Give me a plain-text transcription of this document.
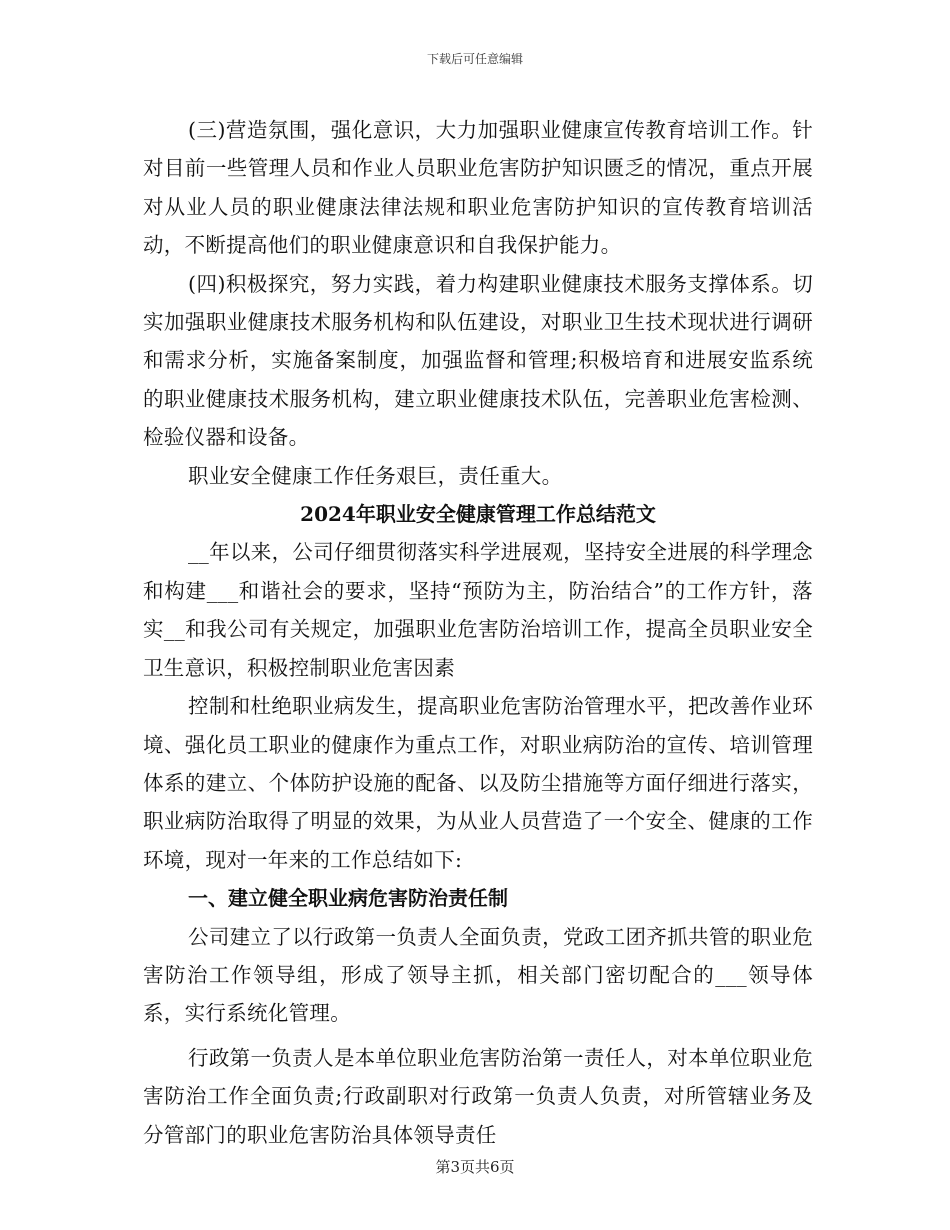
下载后可任意编辑

(三)营造氛围，强化意识，大力加强职业健康宣传教育培训工作。针对目前一些管理人员和作业人员职业危害防护知识匮乏的情况，重点开展对从业人员的职业健康法律法规和职业危害防护知识的宣传教育培训活动，不断提高他们的职业健康意识和自我保护能力。

(四)积极探究，努力实践，着力构建职业健康技术服务支撑体系。切实加强职业健康技术服务机构和队伍建设，对职业卫生技术现状进行调研和需求分析，实施备案制度，加强监督和管理;积极培育和进展安监系统的职业健康技术服务机构，建立职业健康技术队伍，完善职业危害检测、检验仪器和设备。

职业安全健康工作任务艰巨，责任重大。

2024年职业安全健康管理工作总结范文

__年以来，公司仔细贯彻落实科学进展观，坚持安全进展的科学理念和构建___和谐社会的要求，坚持“预防为主，防治结合”的工作方针，落实__和我公司有关规定，加强职业危害防治培训工作，提高全员职业安全卫生意识，积极控制职业危害因素

控制和杜绝职业病发生，提高职业危害防治管理水平，把改善作业环境、强化员工职业的健康作为重点工作，对职业病防治的宣传、培训管理体系的建立、个体防护设施的配备、以及防尘措施等方面仔细进行落实，职业病防治取得了明显的效果，为从业人员营造了一个安全、健康的工作环境，现对一年来的工作总结如下:

一、建立健全职业病危害防治责任制

公司建立了以行政第一负责人全面负责，党政工团齐抓共管的职业危害防治工作领导组，形成了领导主抓，相关部门密切配合的___领导体系，实行系统化管理。

行政第一负责人是本单位职业危害防治第一责任人，对本单位职业危害防治工作全面负责;行政副职对行政第一负责人负责，对所管辖业务及分管部门的职业危害防治具体领导责任

第3页共6页
